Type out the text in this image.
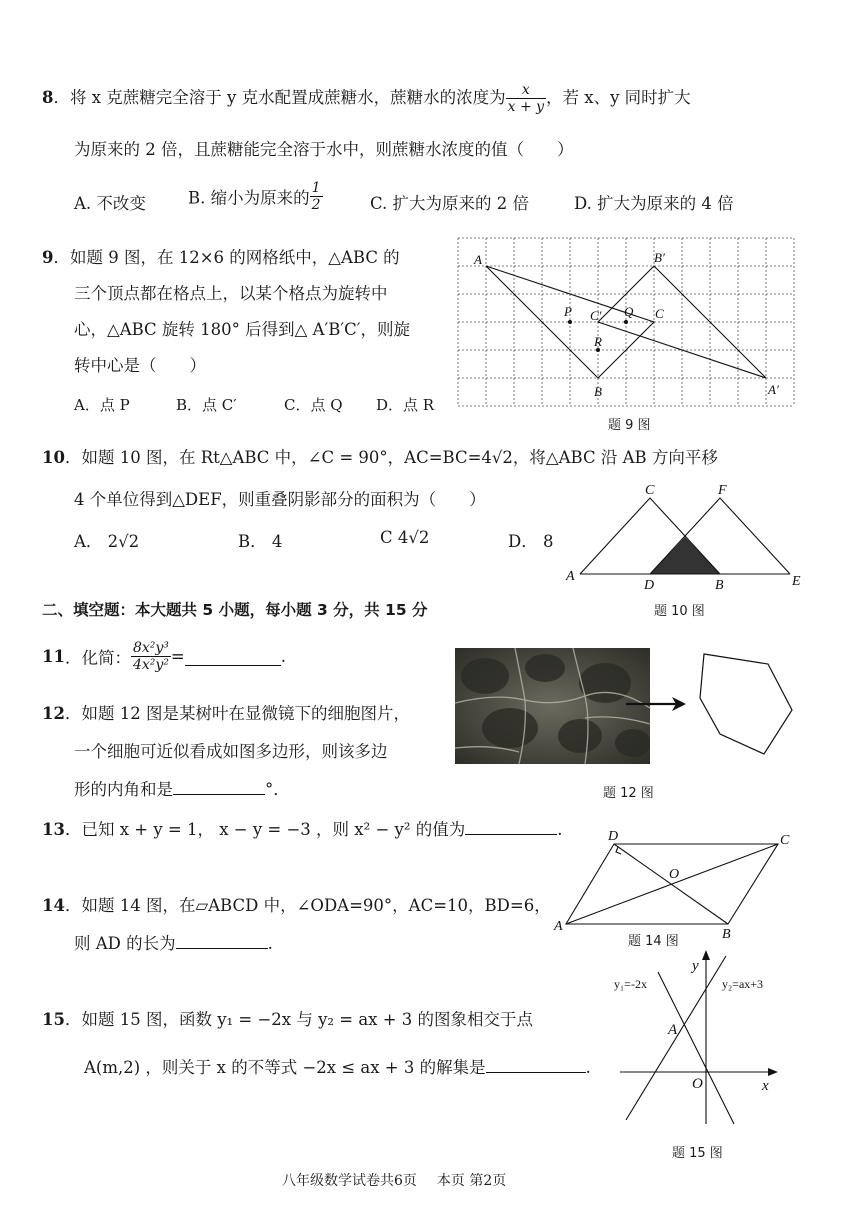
8．将 x 克蔗糖完全溶于 y 克水配置成蔗糖水，蔗糖水的浓度为 $\frac{x}{x + y}$ ，若 x、y 同时扩大
为原来的 2 倍，且蔗糖能完全溶于水中，则蔗糖水浓度的值（　　）
A. 不改变	B. 缩小为原来的 $\frac{1}{2}$	C. 扩大为原来的 2 倍	D. 扩大为原来的 4 倍
9．如题 9 图，在 12×6 的网格纸中，△ABC 的
三个顶点都在格点上，以某个格点为旋转中
心，△ABC 旋转 180° 后得到△ A′B′C′，则旋
转中心是（　　）
A．点 P	B．点 C′	C．点 Q D．点 R
A	B′
P C′ Q C
R
B	A′
题 9 图
10．如题 10 图，在 Rt△ABC 中，∠C = 90°，AC=BC=4√2，将△ABC 沿 AB 方向平移
4 个单位得到△DEF，则重叠阴影部分的面积为（　　）
A． 2√2	B． 4	C 4√2	D． 8
C	F
A
D	B	E
题 10 图
二、填空题：本大题共 5 小题，每小题 3 分，共 15 分
11．化简： $\frac{\text{8x²y³}}{\text{4x²y²}}$ =	.
12．如题 12 图是某树叶在显微镜下的细胞图片，
一个细胞可近似看成如图多边形，则该多边
形的内角和是	°．	题 12 图
13．已知 x + y = 1， x − y = −3 ，则 x² − y² 的值为	.
14．如题 14 图，在▱ABCD 中，∠ODA=90°，AC=10，BD=6，
则 AD 的长为	.
D	C
O
A
B
题 14 图
15．如题 15 图，函数 y₁ = −2x 与 y₂ = ax + 3 的图象相交于点
A(m,2) ，则关于 x 的不等式 −2x ≤ ax + 3 的解集是	.
y₁=-2x	y₂=ax+3
y
A
O	x
题 15 图
八年级数学试卷共6页 本页 第2页
